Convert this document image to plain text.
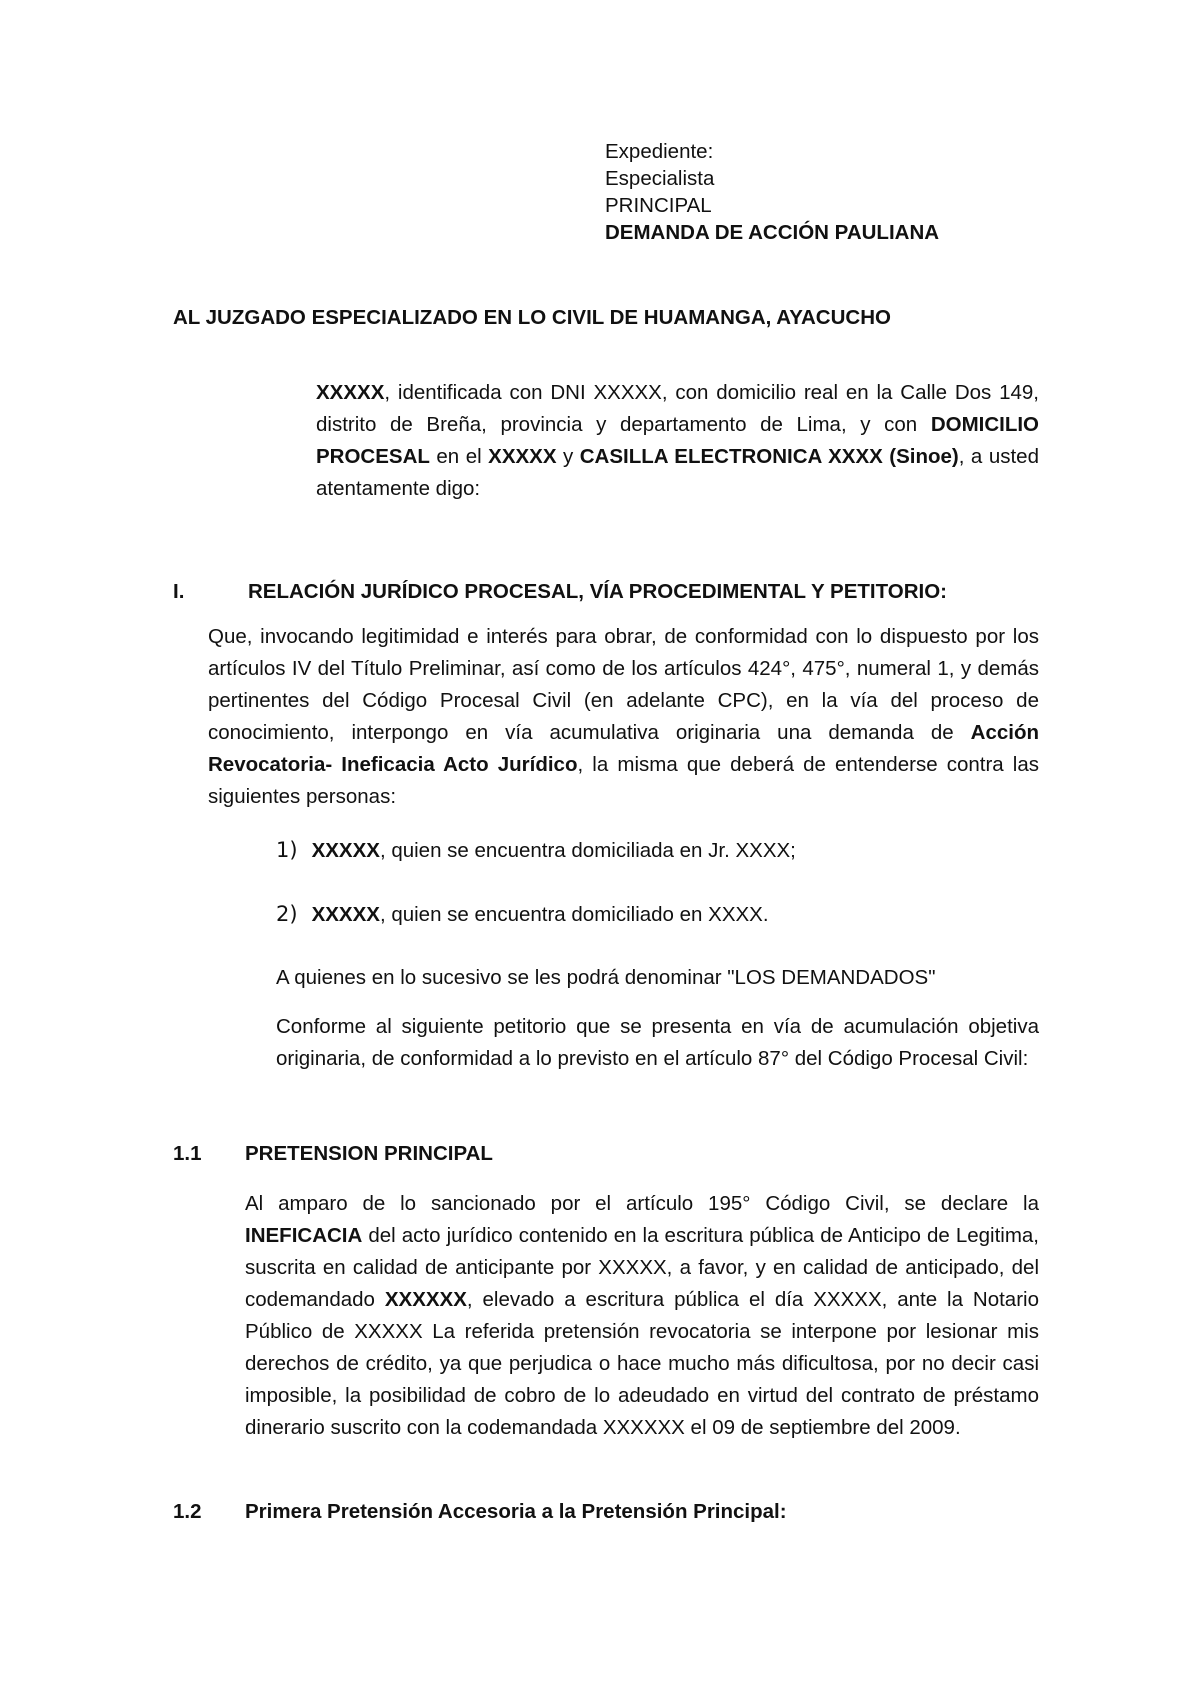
Expediente:
Especialista
PRINCIPAL
DEMANDA DE ACCIÓN PAULIANA
AL JUZGADO ESPECIALIZADO EN LO CIVIL DE HUAMANGA, AYACUCHO
XXXXX, identificada con DNI XXXXX, con domicilio real en la Calle Dos 149, distrito de Breña, provincia y departamento de Lima, y con DOMICILIO PROCESAL en el XXXXX y CASILLA ELECTRONICA XXXX (Sinoe), a usted atentamente digo:
I.	RELACIÓN JURÍDICO PROCESAL, VÍA PROCEDIMENTAL Y PETITORIO:
Que, invocando legitimidad e interés para obrar, de conformidad con lo dispuesto por los artículos IV del Título Preliminar, así como de los artículos 424°, 475°, numeral 1, y demás pertinentes del Código Procesal Civil (en adelante CPC), en la vía del proceso de conocimiento, interpongo en vía acumulativa originaria una demanda de Acción Revocatoria- Ineficacia Acto Jurídico, la misma que deberá de entenderse contra las siguientes personas:
1) XXXXX, quien se encuentra domiciliada en Jr. XXXX;
2) XXXXX, quien se encuentra domiciliado en XXXX.
A quienes en lo sucesivo se les podrá denominar "LOS DEMANDADOS"
Conforme al siguiente petitorio que se presenta en vía de acumulación objetiva originaria, de conformidad a lo previsto en el artículo 87° del Código Procesal Civil:
1.1 PRETENSION PRINCIPAL
Al amparo de lo sancionado por el artículo 195° Código Civil, se declare la INEFICACIA del acto jurídico contenido en la escritura pública de Anticipo de Legitima, suscrita en calidad de anticipante por XXXXX, a favor, y en calidad de anticipado, del codemandado XXXXXX, elevado a escritura pública el día XXXXX, ante la Notario Público de XXXXX La referida pretensión revocatoria se interpone por lesionar mis derechos de crédito, ya que perjudica o hace mucho más dificultosa, por no decir casi imposible, la posibilidad de cobro de lo adeudado en virtud del contrato de préstamo dinerario suscrito con la codemandada XXXXXX el 09 de septiembre del 2009.
1.2 Primera Pretensión Accesoria a la Pretensión Principal:
